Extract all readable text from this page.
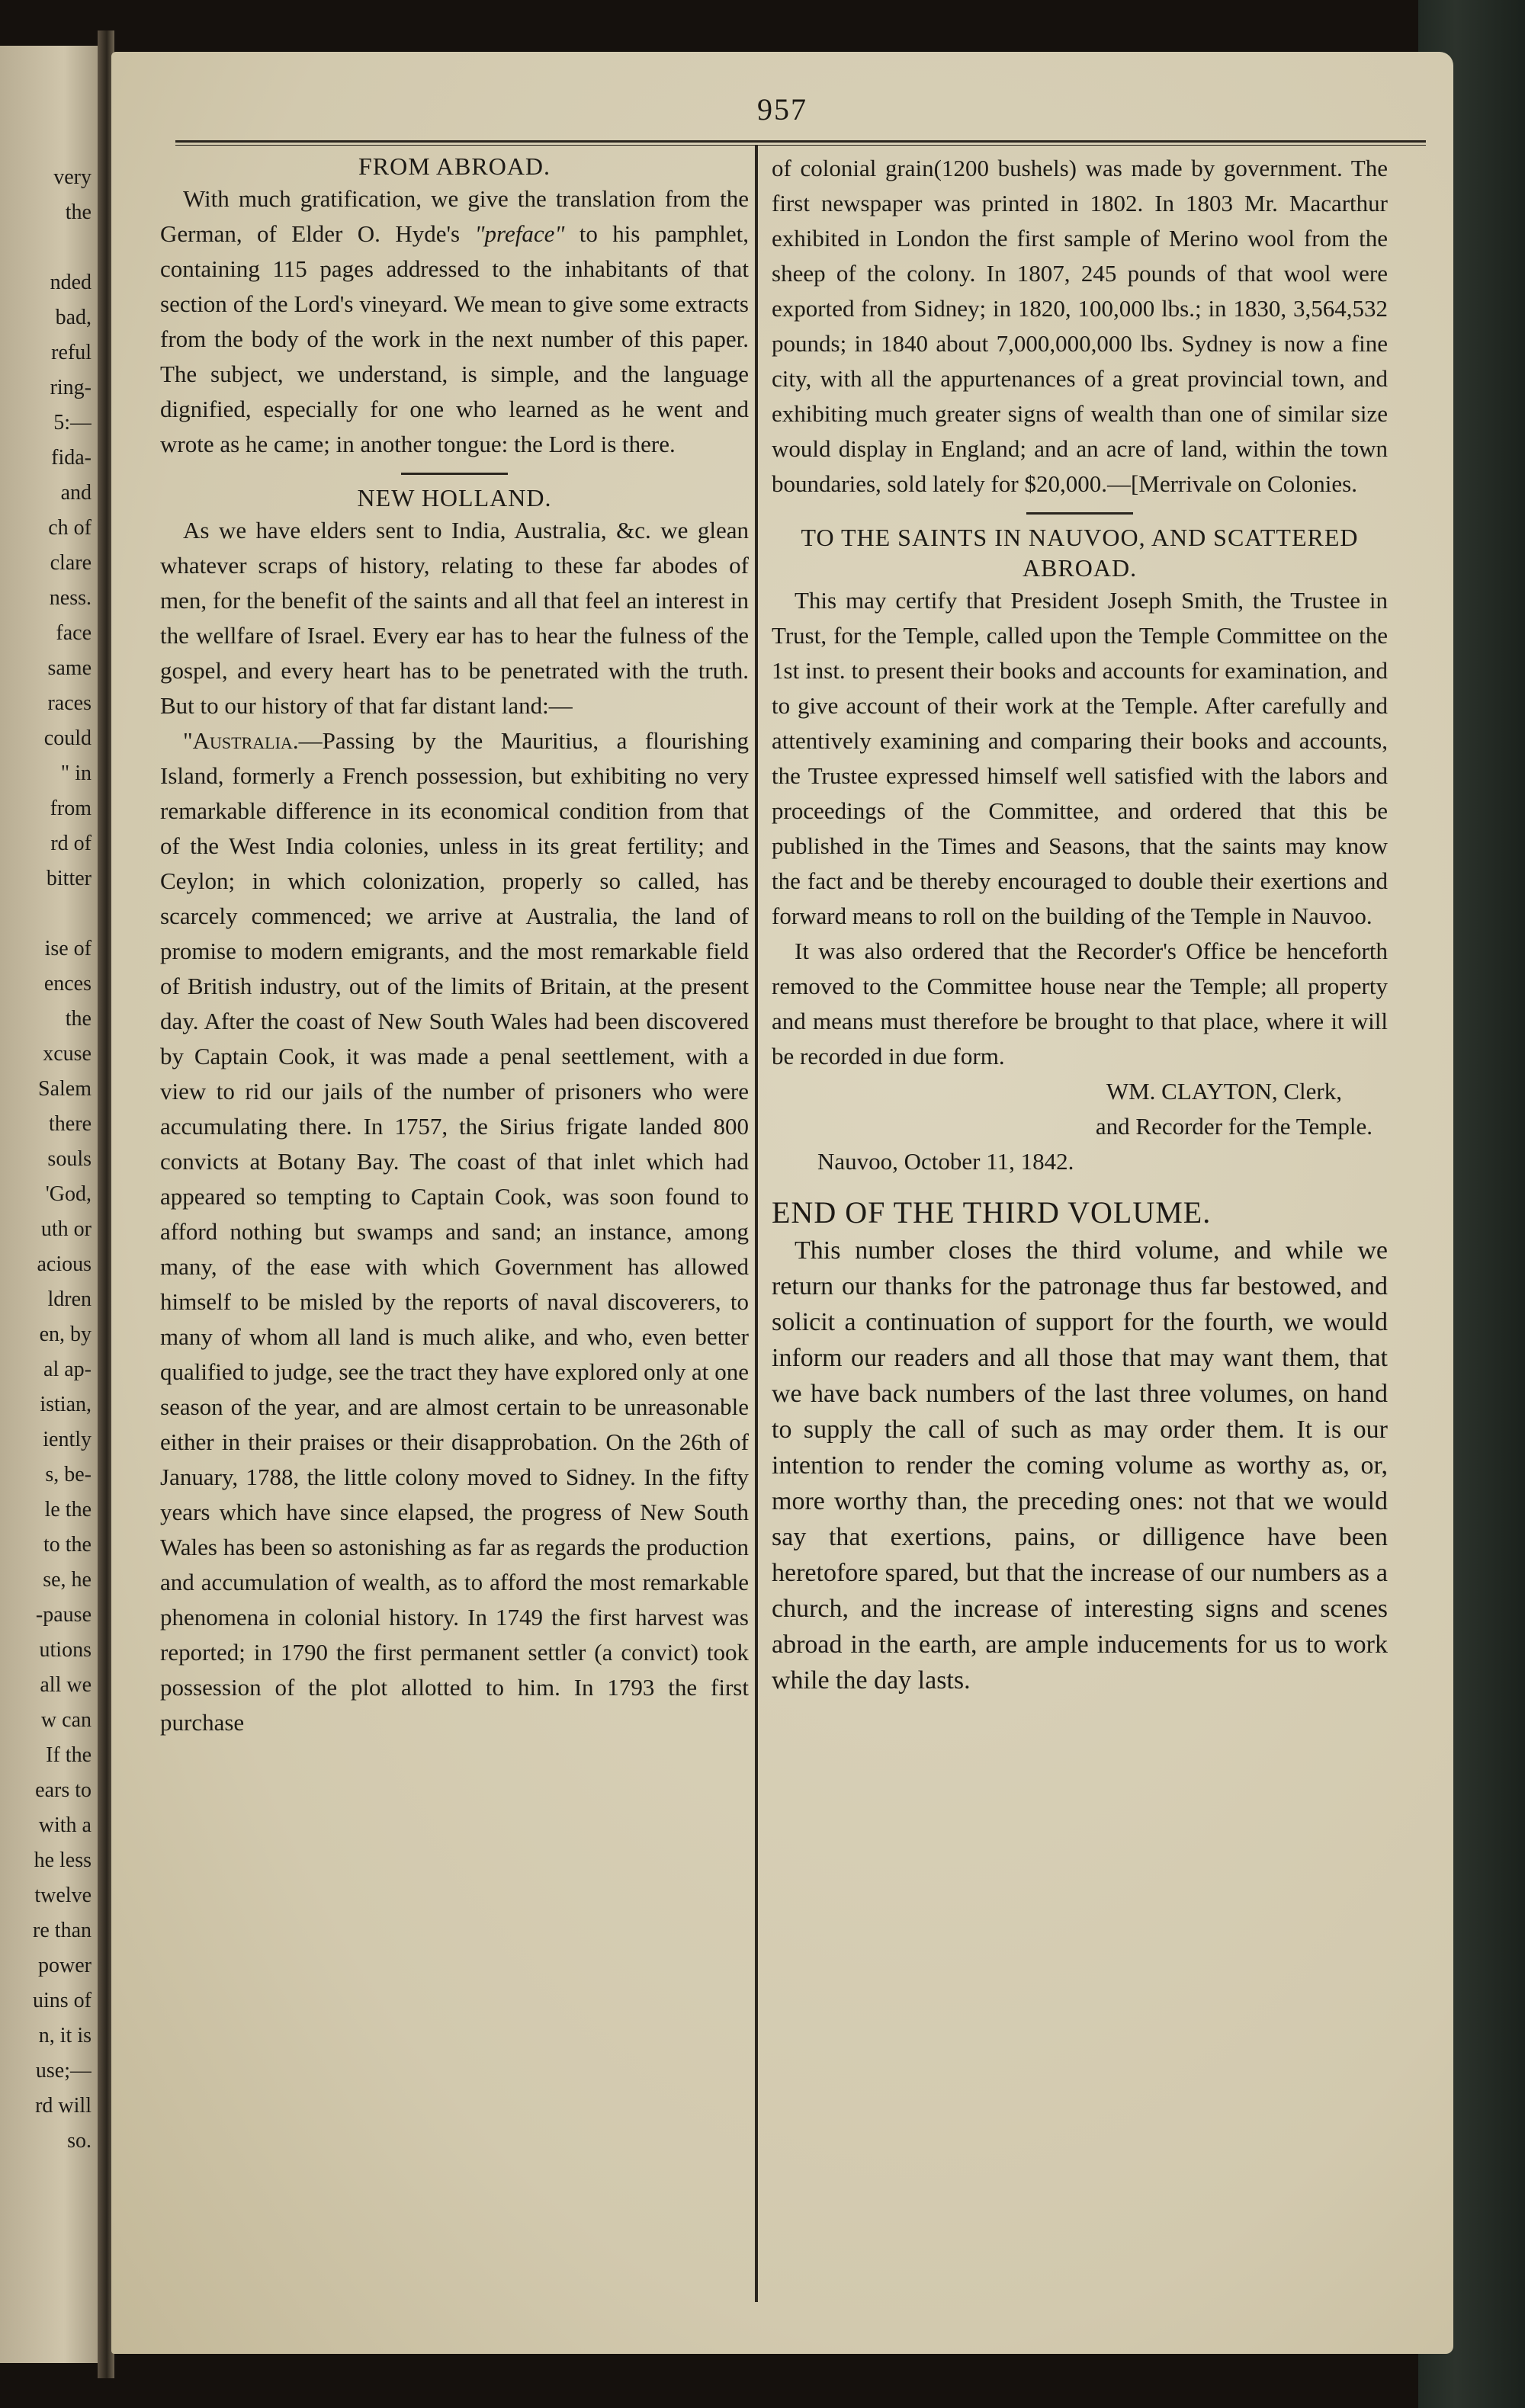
very
the
nded
bad,
reful
ring-
5:—
fida-
and
ch of
clare
ness.
face
same
races
could
" in
from
rd of
bitter
ise of
ences
the
xcuse
Salem
there
souls
'God,
uth or
acious
ldren
en, by
al ap-
istian,
iently
s, be-
le the
to the
se, he
-pause
utions
all we
w can
If the
ears to
with a
he less
twelve
re than
power
uins of
n, it is
use;—
rd will
so.
957
FROM ABROAD.

With much gratification, we give the translation from the German, of Elder O. Hyde's "preface" to his pamphlet, containing 115 pages addressed to the inhabitants of that section of the Lord's vineyard. We mean to give some extracts from the body of the work in the next number of this paper. The subject, we understand, is simple, and the language dignified, especially for one who learned as he went and wrote as he came; in another tongue: the Lord is there.

NEW HOLLAND.

As we have elders sent to India, Australia, &c. we glean whatever scraps of history, relating to these far abodes of men, for the benefit of the saints and all that feel an interest in the wellfare of Israel. Every ear has to hear the fulness of the gospel, and every heart has to be penetrated with the truth. But to our history of that far distant land:—

"Australia.—Passing by the Mauritius, a flourishing Island, formerly a French possession, but exhibiting no very remarkable difference in its economical condition from that of the West India colonies, unless in its great fertility; and Ceylon; in which colonization, properly so called, has scarcely commenced; we arrive at Australia, the land of promise to modern emigrants, and the most remarkable field of British industry, out of the limits of Britain, at the present day. After the coast of New South Wales had been discovered by Captain Cook, it was made a penal seettlement, with a view to rid our jails of the number of prisoners who were accumulating there. In 1757, the Sirius frigate landed 800 convicts at Botany Bay. The coast of that inlet which had appeared so tempting to Captain Cook, was soon found to afford nothing but swamps and sand; an instance, among many, of the ease with which Government has allowed himself to be misled by the reports of naval discoverers, to many of whom all land is much alike, and who, even better qualified to judge, see the tract they have explored only at one season of the year, and are almost certain to be unreasonable either in their praises or their disapprobation. On the 26th of January, 1788, the little colony moved to Sidney. In the fifty years which have since elapsed, the progress of New South Wales has been so astonishing as far as regards the production and accumulation of wealth, as to afford the most remarkable phenomena in colonial history. In 1749 the first harvest was reported; in 1790 the first permanent settler (a convict) took possession of the plot allotted to him. In 1793 the first purchase

of colonial grain(1200 bushels) was made by government. The first newspaper was printed in 1802. In 1803 Mr. Macarthur exhibited in London the first sample of Merino wool from the sheep of the colony. In 1807, 245 pounds of that wool were exported from Sidney; in 1820, 100,000 lbs.; in 1830, 3,564,532 pounds; in 1840 about 7,000,000,000 lbs. Sydney is now a fine city, with all the appurtenances of a great provincial town, and exhibiting much greater signs of wealth than one of similar size would display in England; and an acre of land, within the town boundaries, sold lately for $20,000.—[Merrivale on Colonies.

TO THE SAINTS IN NAUVOO, AND SCATTERED ABROAD.

This may certify that President Joseph Smith, the Trustee in Trust, for the Temple, called upon the Temple Committee on the 1st inst. to present their books and accounts for examination, and to give account of their work at the Temple. After carefully and attentively examining and comparing their books and accounts, the Trustee expressed himself well satisfied with the labors and proceedings of the Committee, and ordered that this be published in the Times and Seasons, that the saints may know the fact and be thereby encouraged to double their exertions and forward means to roll on the building of the Temple in Nauvoo.

It was also ordered that the Recorder's Office be henceforth removed to the Committee house near the Temple; all property and means must therefore be brought to that place, where it will be recorded in due form.

WM. CLAYTON, Clerk,

and Recorder for the Temple.

Nauvoo, October 11, 1842.

END OF THE THIRD VOLUME.

This number closes the third volume, and while we return our thanks for the patronage thus far bestowed, and solicit a continuation of support for the fourth, we would inform our readers and all those that may want them, that we have back numbers of the last three volumes, on hand to supply the call of such as may order them. It is our intention to render the coming volume as worthy as, or, more worthy than, the preceding ones: not that we would say that exertions, pains, or dilligence have been heretofore spared, but that the increase of our numbers as a church, and the increase of interesting signs and scenes abroad in the earth, are ample inducements for us to work while the day lasts.
